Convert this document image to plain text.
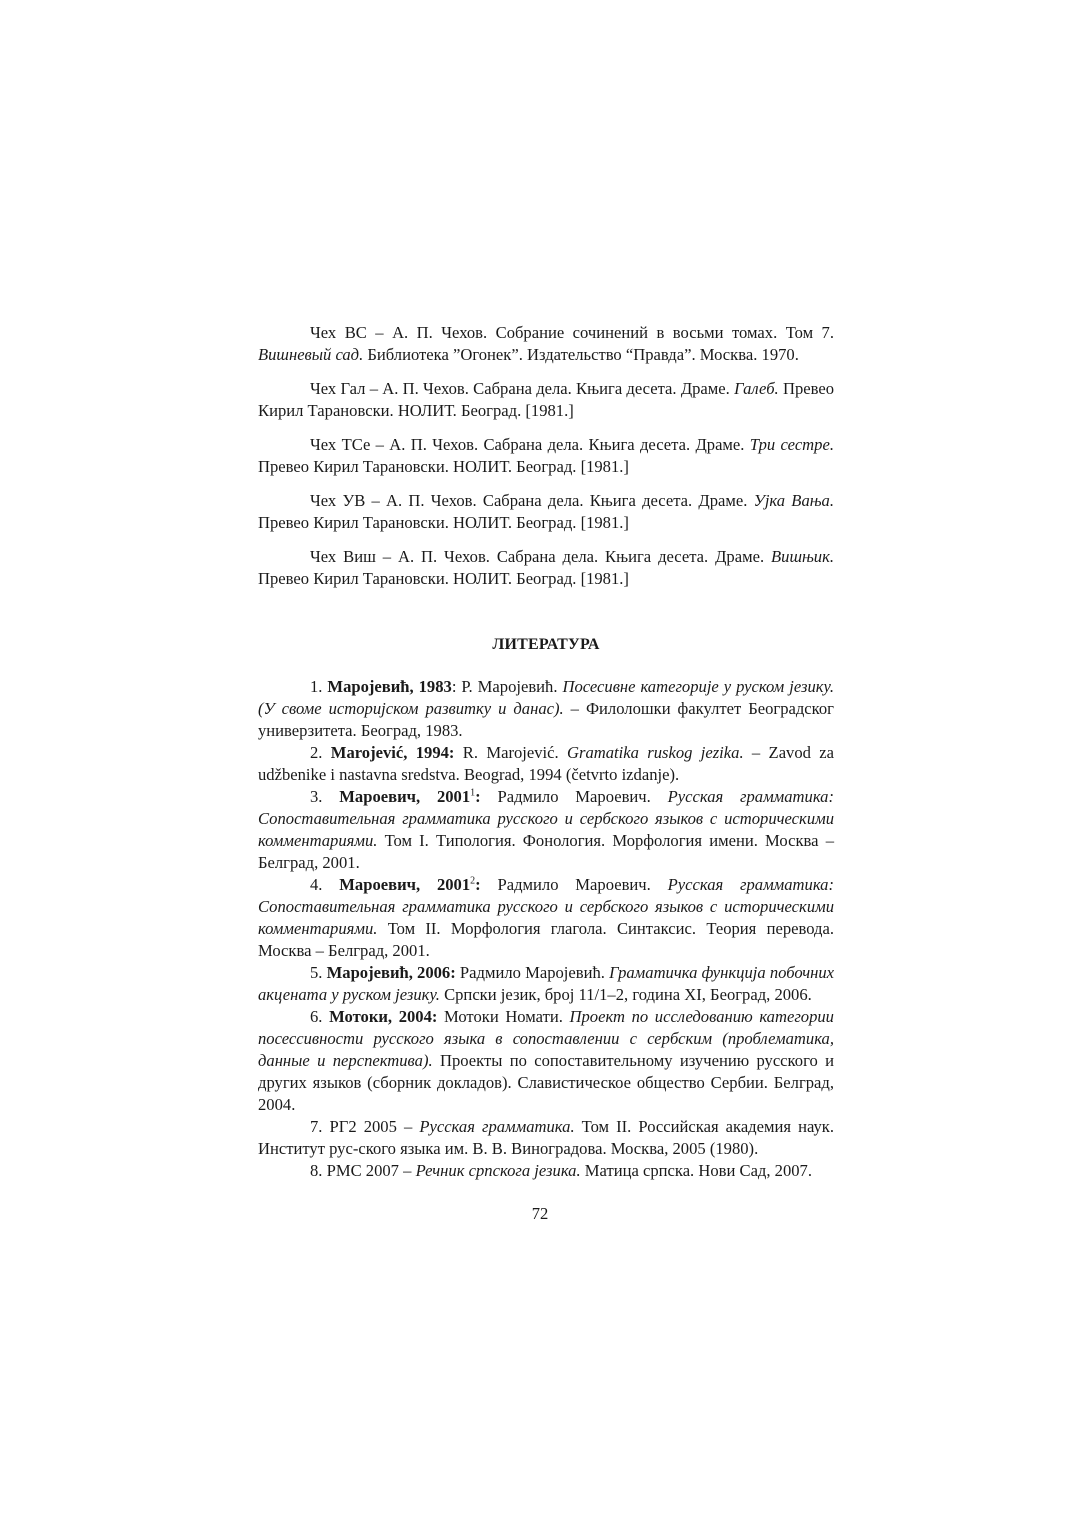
Чех ВС – А. П. Чехов. Собрание сочинений в восьми томах. Том 7. Вишневый сад. Библиотека ”Огонек”. Издательство “Правда”. Москва. 1970.

Чех Гал – А. П. Чехов. Сабрана дела. Књига десета. Драме. Галеб. Превео Кирил Тарановски. НОЛИТ. Београд. [1981.]

Чех ТСе – А. П. Чехов. Сабрана дела. Књига десета. Драме. Три сестре. Превео Кирил Тарановски. НОЛИТ. Београд. [1981.]

Чех УВ – А. П. Чехов. Сабрана дела. Књига десета. Драме. Ујка Вања. Превео Кирил Тарановски. НОЛИТ. Београд. [1981.]

Чех Виш – А. П. Чехов. Сабрана дела. Књига десета. Драме. Вишњик. Превео Кирил Тарановски. НОЛИТ. Београд. [1981.]

ЛИТЕРАТУРА

1. Маројевић, 1983: Р. Маројевић. Посесивне категорије у руском језику. (У своме историјском развитку и данас). – Филолошки факултет Београдског универзитета. Београд, 1983.

2. Marojević, 1994: R. Marojević. Gramatika ruskog jezika. – Zavod za udžbenike i nastavna sredstva. Beograd, 1994 (četvrto izdanje).

3. Мароевич, 2001$^1$: Радмило Мароевич. Русская грамматика: Сопоставительная грамматика русского и сербского языков с историческими комментариями. Том I. Типология. Фонология. Морфология имени. Москва – Белград, 2001.

4. Мароевич, 2001$^2$: Радмило Мароевич. Русская грамматика: Сопоставительная грамматика русского и сербского языков с историческими комментариями. Том II. Морфология глагола. Синтаксис. Теория перевода. Москва – Белград, 2001.

5. Маројевић, 2006: Радмило Маројевић. Граматичка функција побочних акцената у руском језику. Српски језик, број 11/1–2, година XI, Београд, 2006.

6. Мотоки, 2004: Мотоки Номати. Проект по исследованию категории посессивности русского языка в сопоставлении с сербским (проблематика, данные и перспектива). Проекты по сопоставительному изучению русского и других языков (сборник докладов). Славистическое общество Сербии. Белград, 2004.

7. РГ2 2005 – Русская грамматика. Том II. Российская академия наук. Институт рус-ского языка им. В. В. Виноградова. Москва, 2005 (1980).

8. РМС 2007 – Речник српскога језика. Матица српска. Нови Сад, 2007.

72
